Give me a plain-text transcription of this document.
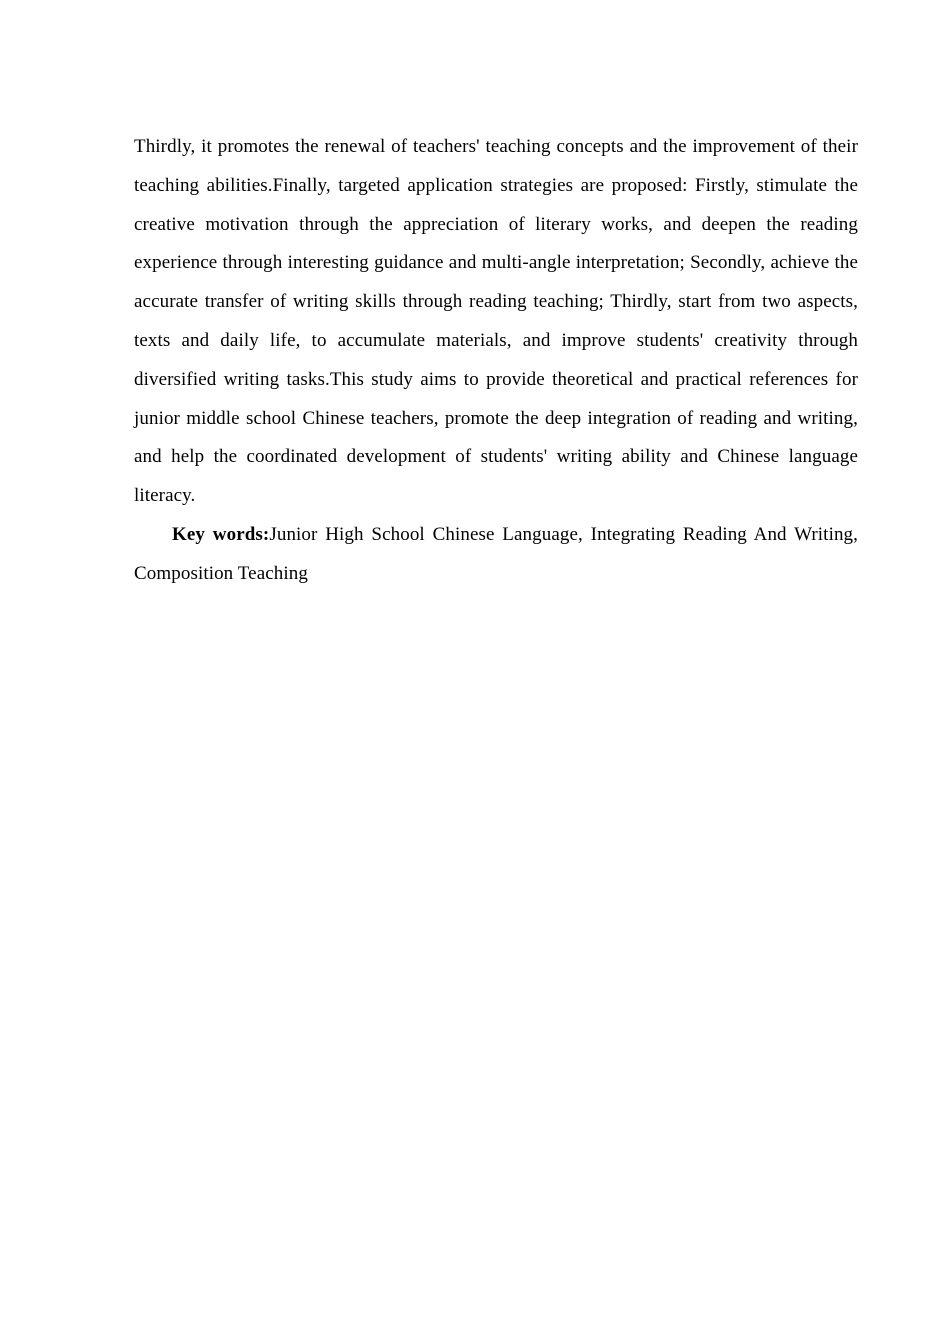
Thirdly, it promotes the renewal of teachers' teaching concepts and the improvement of their
teaching abilities.Finally, targeted application strategies are proposed: Firstly, stimulate the
creative motivation through the appreciation of literary works, and deepen the reading
experience through interesting guidance and multi-angle interpretation; Secondly, achieve the
accurate transfer of writing skills through reading teaching; Thirdly, start from two aspects,
texts and daily life, to accumulate materials, and improve students' creativity through
diversified writing tasks.This study aims to provide theoretical and practical references for
junior middle school Chinese teachers, promote the deep integration of reading and writing,
and help the coordinated development of students' writing ability and Chinese language
literacy.
Key words:Junior High School Chinese Language, Integrating Reading And Writing,
Composition Teaching
